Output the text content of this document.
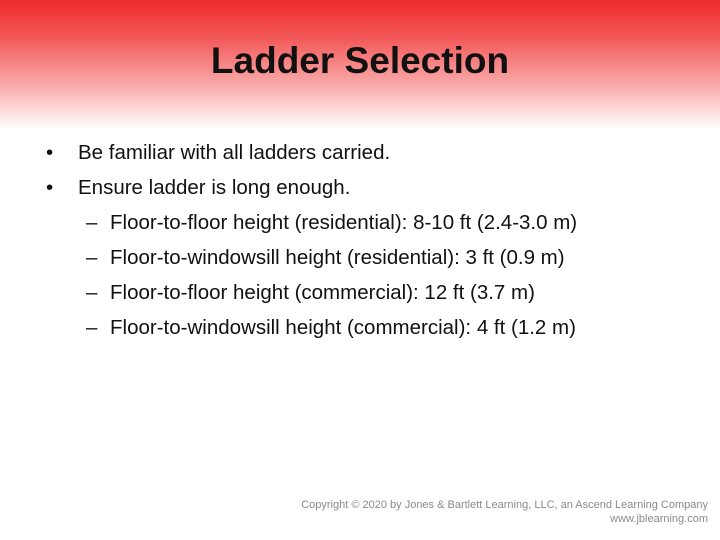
Ladder Selection
• Be familiar with all ladders carried.
• Ensure ladder is long enough.
– Floor-to-floor height (residential): 8-10 ft (2.4-3.0 m)
– Floor-to-windowsill height (residential): 3 ft (0.9 m)
– Floor-to-floor height (commercial): 12 ft (3.7 m)
– Floor-to-windowsill height (commercial): 4 ft (1.2 m)
Copyright © 2020 by Jones & Bartlett Learning, LLC, an Ascend Learning Company
www.jblearning.com
